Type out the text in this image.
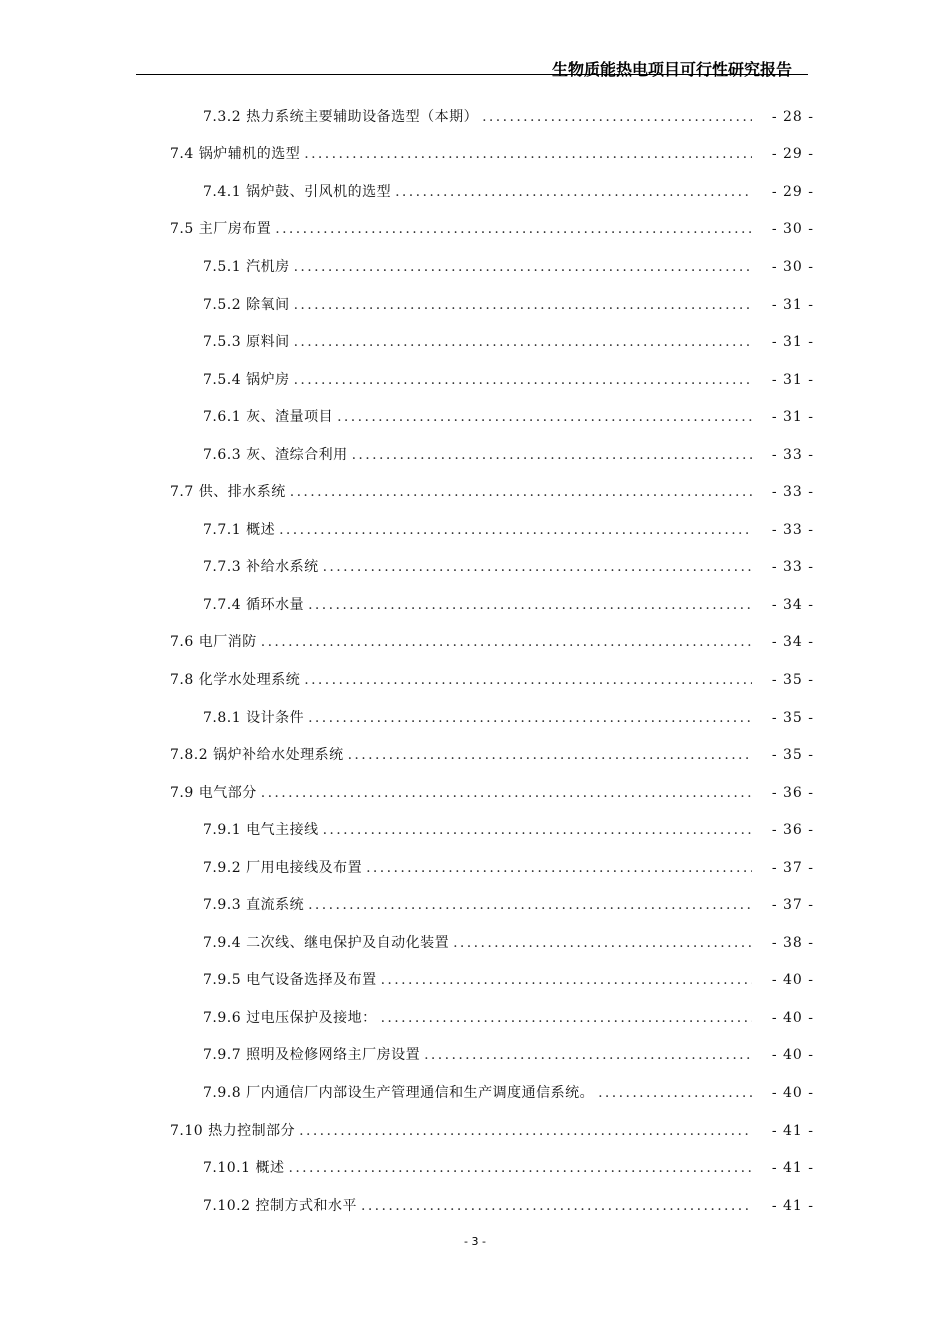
生物质能热电项目可行性研究报告
7.3.2 热力系统主要辅助设备选型（本期） .....	- 28 -
7.4 锅炉辅机的选型 .....	- 29 -
7.4.1 锅炉鼓、引风机的选型 .....	- 29 -
7.5 主厂房布置 .....	- 30 -
7.5.1 汽机房 .....	- 30 -
7.5.2 除氧间 .....	- 31 -
7.5.3 原料间 .....	- 31 -
7.5.4 锅炉房 .....	- 31 -
7.6.1 灰、渣量项目 .....	- 31 -
7.6.3 灰、渣综合利用 .....	- 33 -
7.7 供、排水系统 .....	- 33 -
7.7.1 概述 .....	- 33 -
7.7.3 补给水系统 .....	- 33 -
7.7.4 循环水量 .....	- 34 -
7.6 电厂消防 .....	- 34 -
7.8 化学水处理系统 .....	- 35 -
7.8.1 设计条件 .....	- 35 -
7.8.2 锅炉补给水处理系统 .....	- 35 -
7.9 电气部分 .....	- 36 -
7.9.1 电气主接线 .....	- 36 -
7.9.2 厂用电接线及布置 .....	- 37 -
7.9.3 直流系统 .....	- 37 -
7.9.4 二次线、继电保护及自动化装置 .....	- 38 -
7.9.5 电气设备选择及布置 .....	- 40 -
7.9.6 过电压保护及接地： .....	- 40 -
7.9.7 照明及检修网络主厂房设置 .....	- 40 -
7.9.8 厂内通信厂内部设生产管理通信和生产调度通信系统。 .....	- 40 -
7.10 热力控制部分 .....	- 41 -
7.10.1 概述 .....	- 41 -
7.10.2 控制方式和水平 .....	- 41 -
- 3 -
